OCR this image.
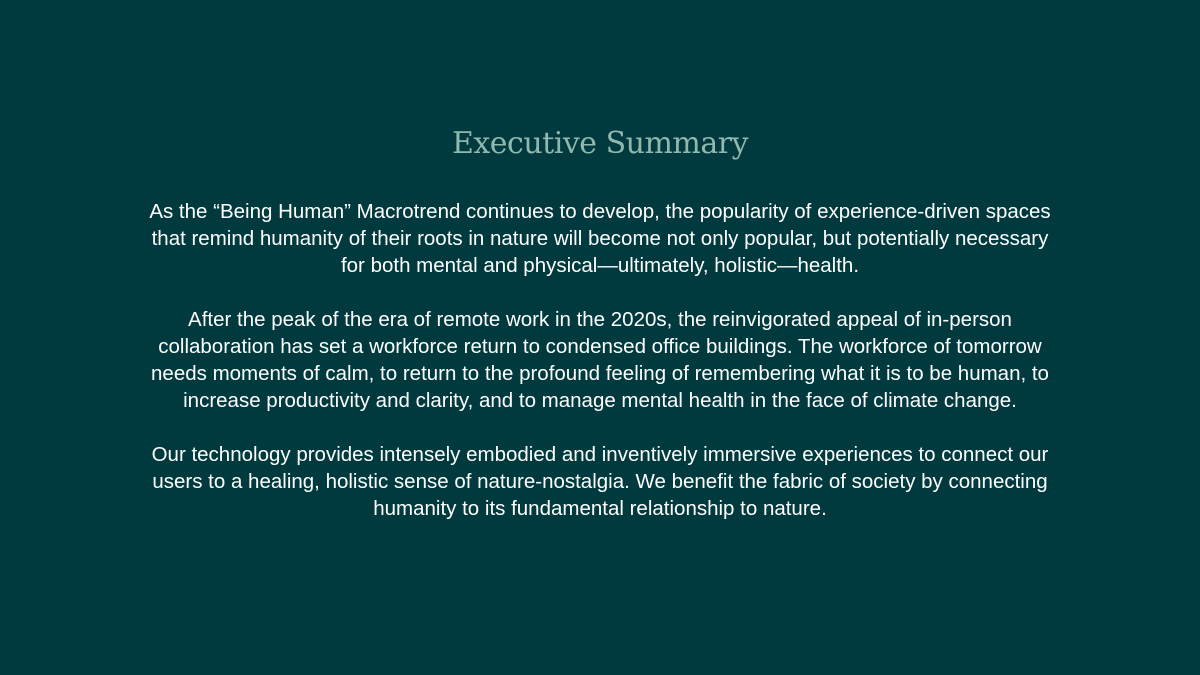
Executive Summary

As the “Being Human” Macrotrend continues to develop, the popularity of experience-driven spaces that remind humanity of their roots in nature will become not only popular, but potentially necessary for both mental and physical—ultimately, holistic—health.

After the peak of the era of remote work in the 2020s, the reinvigorated appeal of in-person collaboration has set a workforce return to condensed office buildings. The workforce of tomorrow needs moments of calm, to return to the profound feeling of remembering what it is to be human, to increase productivity and clarity, and to manage mental health in the face of climate change.

Our technology provides intensely embodied and inventively immersive experiences to connect our users to a healing, holistic sense of nature-nostalgia. We benefit the fabric of society by connecting humanity to its fundamental relationship to nature.
